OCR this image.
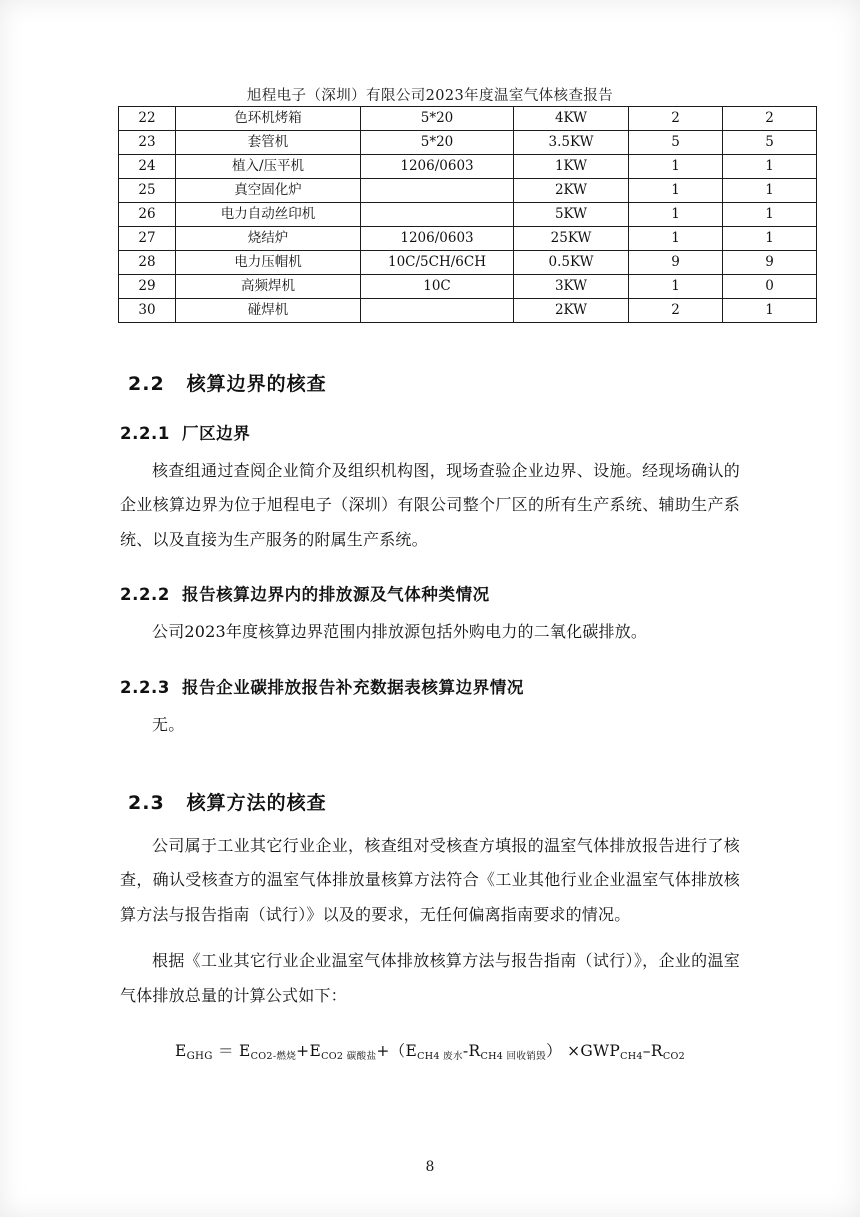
旭程电子（深圳）有限公司2023年度温室气体核查报告
22	色环机烤箱	5*20	4KW	2	2
23	套管机	5*20	3.5KW	5	5
24	植入/压平机	1206/0603	1KW	1	1
25	真空固化炉		2KW	1	1
26	电力自动丝印机		5KW	1	1
27	烧结炉	1206/0603	25KW	1	1
28	电力压帽机	10C/5CH/6CH	0.5KW	9	9
29	高频焊机	10C	3KW	1	0
30	碰焊机		2KW	2	1
2.2 核算边界的核查
2.2.1 厂区边界

核查组通过查阅企业简介及组织机构图，现场查验企业边界、设施。经现场确认的企业核算边界为位于旭程电子（深圳）有限公司整个厂区的所有生产系统、辅助生产系统、以及直接为生产服务的附属生产系统。

2.2.2 报告核算边界内的排放源及气体种类情况

公司2023年度核算边界范围内排放源包括外购电力的二氧化碳排放。

2.2.3 报告企业碳排放报告补充数据表核算边界情况

无。

2.3 核算方法的核查

公司属于工业其它行业企业，核查组对受核查方填报的温室气体排放报告进行了核查，确认受核查方的温室气体排放量核算方法符合《工业其他行业企业温室气体排放核算方法与报告指南（试行）》以及的要求，无任何偏离指南要求的情况。

根据《工业其它行业企业温室气体排放核算方法与报告指南（试行）》，企业的温室气体排放总量的计算公式如下：

$E_{GHG} = ECO2-$燃烧+ECO2 碳酸盐+（ECH4 废水-RCH4 回收销毁） ×GWPCH4–RCO2
8
